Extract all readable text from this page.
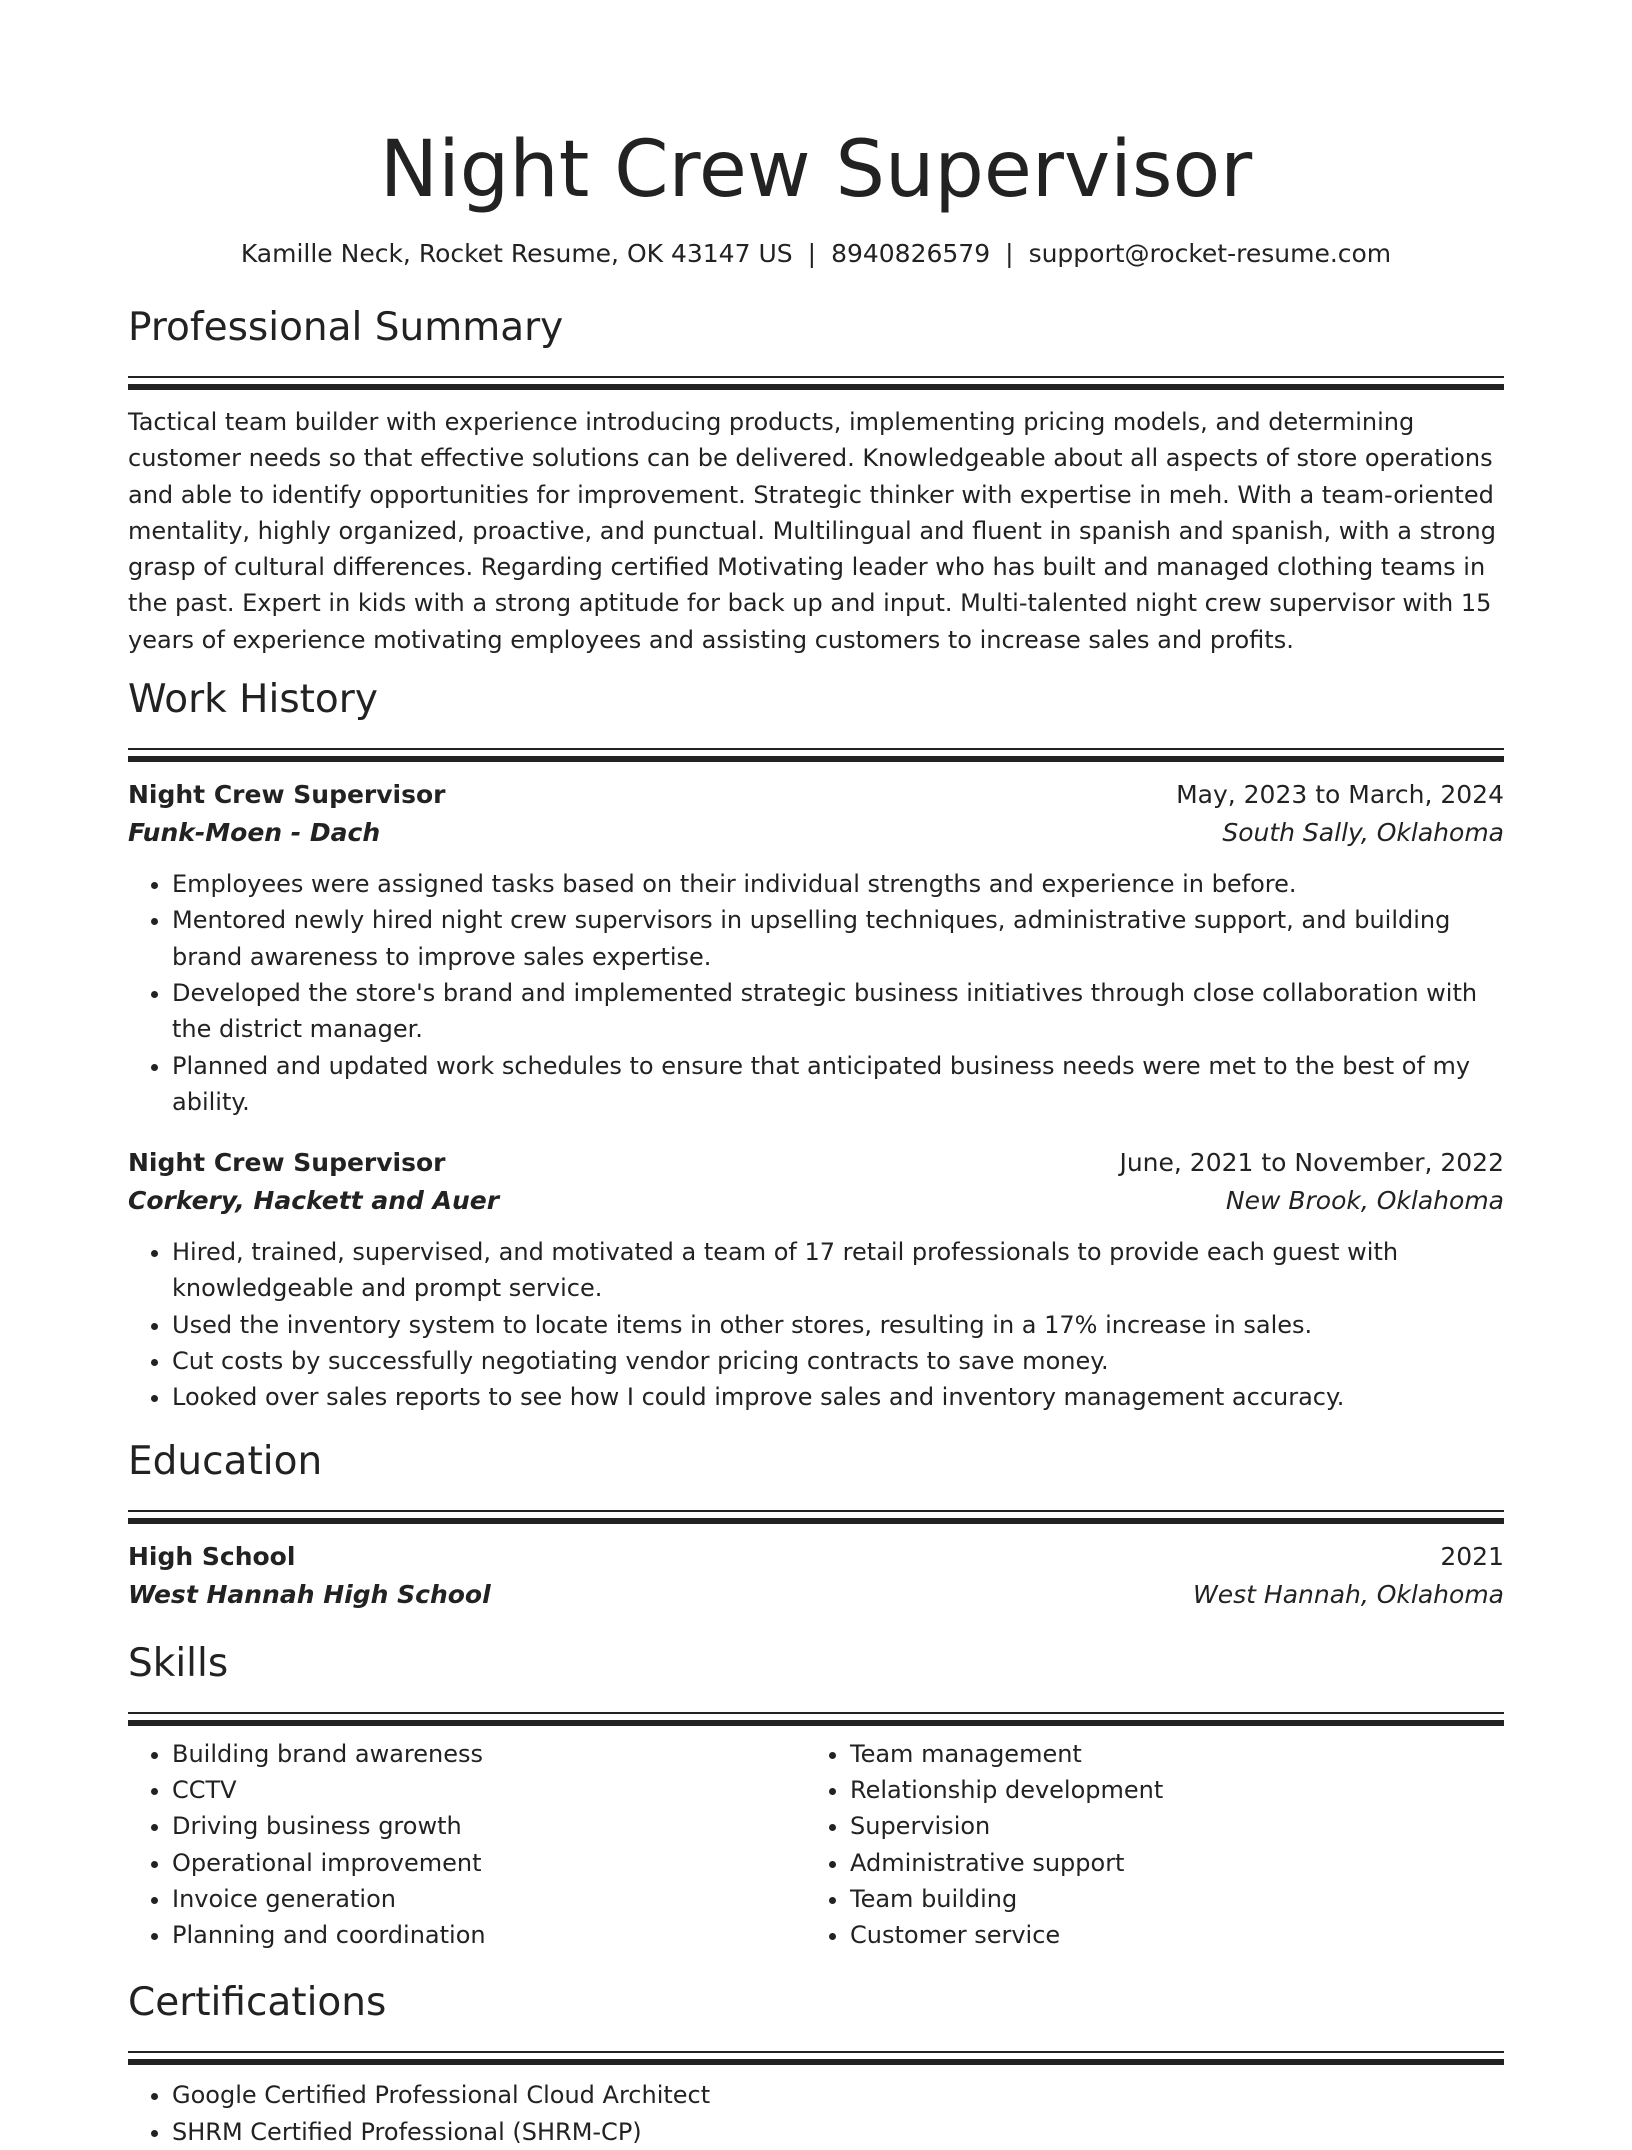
Night Crew Supervisor
Kamille Neck, Rocket Resume, OK 43147 US | 8940826579 | support@rocket-resume.com
Professional Summary

Tactical team builder with experience introducing products, implementing pricing models, and determining customer needs so that effective solutions can be delivered. Knowledgeable about all aspects of store operations and able to identify opportunities for improvement. Strategic thinker with expertise in meh. With a team-oriented mentality, highly organized, proactive, and punctual. Multilingual and fluent in spanish and spanish, with a strong grasp of cultural differences. Regarding certified Motivating leader who has built and managed clothing teams in the past. Expert in kids with a strong aptitude for back up and input. Multi-talented night crew supervisor with 15 years of experience motivating employees and assisting customers to increase sales and profits.

Work History
Night Crew Supervisor	May, 2023 to March, 2024
Funk-Moen - Dach	South Sally, Oklahoma
• Employees were assigned tasks based on their individual strengths and experience in before.
• Mentored newly hired night crew supervisors in upselling techniques, administrative support, and building brand awareness to improve sales expertise.
• Developed the store's brand and implemented strategic business initiatives through close collaboration with the district manager.
• Planned and updated work schedules to ensure that anticipated business needs were met to the best of my ability.
Night Crew Supervisor	June, 2021 to November, 2022
Corkery, Hackett and Auer	New Brook, Oklahoma
• Hired, trained, supervised, and motivated a team of 17 retail professionals to provide each guest with knowledgeable and prompt service.
• Used the inventory system to locate items in other stores, resulting in a 17% increase in sales.
• Cut costs by successfully negotiating vendor pricing contracts to save money.
• Looked over sales reports to see how I could improve sales and inventory management accuracy.
Education
High School	2021
West Hannah High School	West Hannah, Oklahoma
Skills
• Building brand awareness
• CCTV
• Driving business growth
• Operational improvement
• Invoice generation
• Planning and coordination
• Team management
• Relationship development
• Supervision
• Administrative support
• Team building
• Customer service
Certifications
• Google Certified Professional Cloud Architect
• SHRM Certified Professional (SHRM-CP)
